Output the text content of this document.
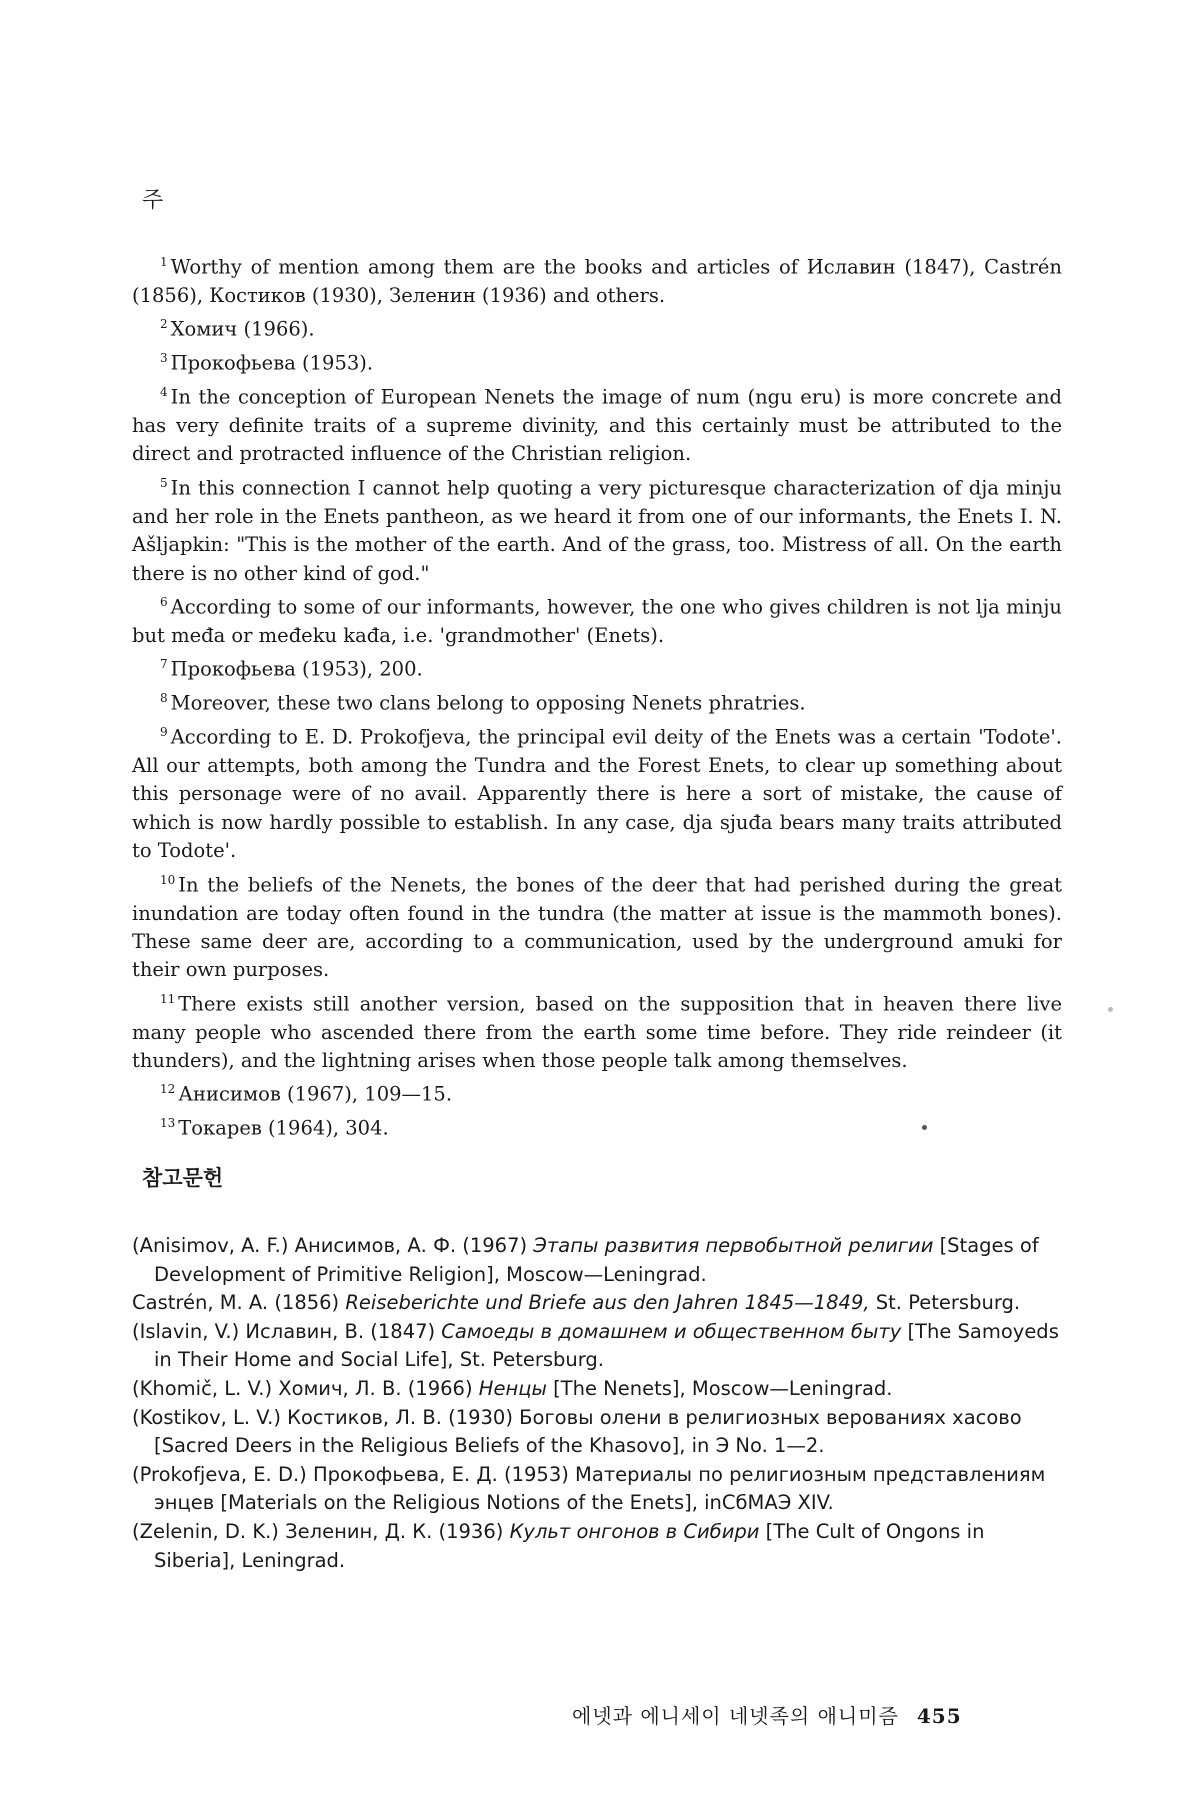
주

$^1$ Worthy of mention among them are the books and articles of Иславин (1847), Castrén (1856), Костиков (1930), Зеленин (1936) and others.

$^2$ Хомич (1966).

$^3$ Прокофьева (1953).

$^4$ In the conception of European Nenets the image of num (ngu eru) is more concrete and has very definite traits of a supreme divinity, and this certainly must be attributed to the direct and protracted influence of the Christian religion.

$^5$ In this connection I cannot help quoting a very picturesque characterization of dja minju and her role in the Enets pantheon, as we heard it from one of our informants, the Enets I. N. Ašljapkin: "This is the mother of the earth. And of the grass, too. Mistress of all. On the earth there is no other kind of god."

$^6$ According to some of our informants, however, the one who gives children is not lja minju but međa or međeku kađa, i.e. 'grandmother' (Enets).

$^7$ Прокофьева (1953), 200.

$^8$ Moreover, these two clans belong to opposing Nenets phratries.

$^9$ According to E. D. Prokofjeva, the principal evil deity of the Enets was a certain 'Todote'. All our attempts, both among the Tundra and the Forest Enets, to clear up something about this personage were of no avail. Apparently there is here a sort of mistake, the cause of which is now hardly possible to establish. In any case, dja sjuđa bears many traits attributed to Todote'.

$^{10}$ In the beliefs of the Nenets, the bones of the deer that had perished during the great inundation are today often found in the tundra (the matter at issue is the mammoth bones). These same deer are, according to a communication, used by the underground amuki for their own purposes.

$^{11}$ There exists still another version, based on the supposition that in heaven there live many people who ascended there from the earth some time before. They ride reindeer (it thunders), and the lightning arises when those people talk among themselves.

$^{12}$ Анисимов (1967), 109—15.

$^{13}$ Токарев (1964), 304.

참고문헌

(Anisimov, A. F.) Анисимов, А. Ф. (1967) Этапы развития первобытной религии [Stages of Development of Primitive Religion], Moscow—Leningrad.

Castrén, M. A. (1856) Reiseberichte und Briefe aus den Jahren 1845—1849, St. Petersburg.

(Islavin, V.) Иславин, В. (1847) Самоеды в домашнем и общественном быту [The Samoyeds in Their Home and Social Life], St. Petersburg.

(Khomič, L. V.) Хомич, Л. В. (1966) Ненцы [The Nenets], Moscow—Leningrad.

(Kostikov, L. V.) Костиков, Л. В. (1930) Боговы олени в религиозных верованиях хасово [Sacred Deers in the Religious Beliefs of the Khasovo], in Э No. 1—2.

(Prokofjeva, E. D.) Прокофьева, Е. Д. (1953) Материалы по религиозным представлениям энцев [Materials on the Religious Notions of the Enets], inСбМАЭ XIV.

(Zelenin, D. K.) Зеленин, Д. К. (1936) Культ онгонов в Сибири [The Cult of Ongons in Siberia], Leningrad.

에넷과 에니세이 네넷족의 애니미즘 455
